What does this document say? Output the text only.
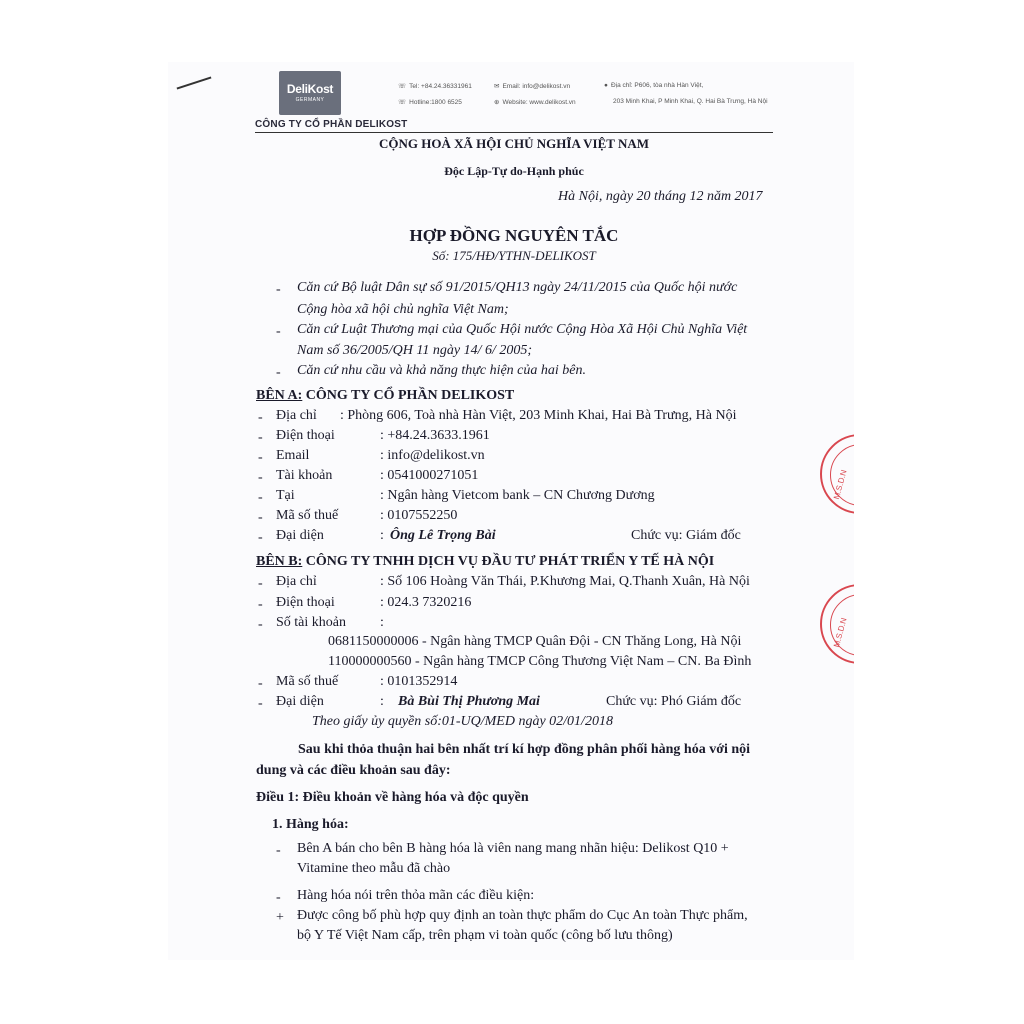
DeliKost
GERMANY
CÔNG TY CỔ PHẦN DELIKOST
☏ Tel: +84.24.36331961
☏ Hotline:1800 6525
✉ Email: info@delikost.vn
⊕ Website: www.delikost.vn
● Địa chỉ: P606, tòa nhà Hàn Việt,
203 Minh Khai, P Minh Khai, Q. Hai Bà Trưng, Hà Nội
CỘNG HOÀ XÃ HỘI CHỦ NGHĨA VIỆT NAM
Độc Lập-Tự do-Hạnh phúc
Hà Nội, ngày 20 tháng 12 năm 2017
HỢP ĐỒNG NGUYÊN TẮC
Số: 175/HĐ/YTHN-DELIKOST
- Căn cứ Bộ luật Dân sự số 91/2015/QH13 ngày 24/11/2015 của Quốc hội nước
Cộng hòa xã hội chủ nghĩa Việt Nam;
- Căn cứ Luật Thương mại của Quốc Hội nước Cộng Hòa Xã Hội Chủ Nghĩa Việt
Nam số 36/2005/QH 11 ngày 14/ 6/ 2005;
- Căn cứ nhu cầu và khả năng thực hiện của hai bên.
BÊN A: CÔNG TY CỔ PHẦN DELIKOST
- Địa chỉ : Phòng 606, Toà nhà Hàn Việt, 203 Minh Khai, Hai Bà Trưng, Hà Nội
- Điện thoại	: +84.24.3633.1961
- Email	: info@delikost.vn
- Tài khoản	: 0541000271051
- Tại	: Ngân hàng Vietcom bank – CN Chương Dương
- Mã số thuế	: 0107552250
- Đại diện	: Ông Lê Trọng Bài	Chức vụ: Giám đốc
BÊN B: CÔNG TY TNHH DỊCH VỤ ĐẦU TƯ PHÁT TRIỂN Y TẾ HÀ NỘI
- Địa chỉ	: Số 106 Hoàng Văn Thái, P.Khương Mai, Q.Thanh Xuân, Hà Nội
- Điện thoại	: 024.3 7320216
- Số tài khoản :
0681150000006 - Ngân hàng TMCP Quân Đội - CN Thăng Long, Hà Nội
110000000560 - Ngân hàng TMCP Công Thương Việt Nam – CN. Ba Đình
- Mã số thuế	: 0101352914
- Đại diện	: Bà Bùi Thị Phương Mai	Chức vụ: Phó Giám đốc
Theo giấy ủy quyền số:01-UQ/MED ngày 02/01/2018
Sau khi thỏa thuận hai bên nhất trí kí hợp đồng phân phối hàng hóa với nội
dung và các điều khoản sau đây:
Điều 1: Điều khoản về hàng hóa và độc quyền
1. Hàng hóa:
- Bên A bán cho bên B hàng hóa là viên nang mang nhãn hiệu: Delikost Q10 +
Vitamine theo mẫu đã chào
- Hàng hóa nói trên thỏa mãn các điều kiện:
+ Được công bố phù hợp quy định an toàn thực phẩm do Cục An toàn Thực phẩm,
bộ Y Tế Việt Nam cấp, trên phạm vi toàn quốc (công bố lưu thông)
M.S.D.N
M.S.D.N
